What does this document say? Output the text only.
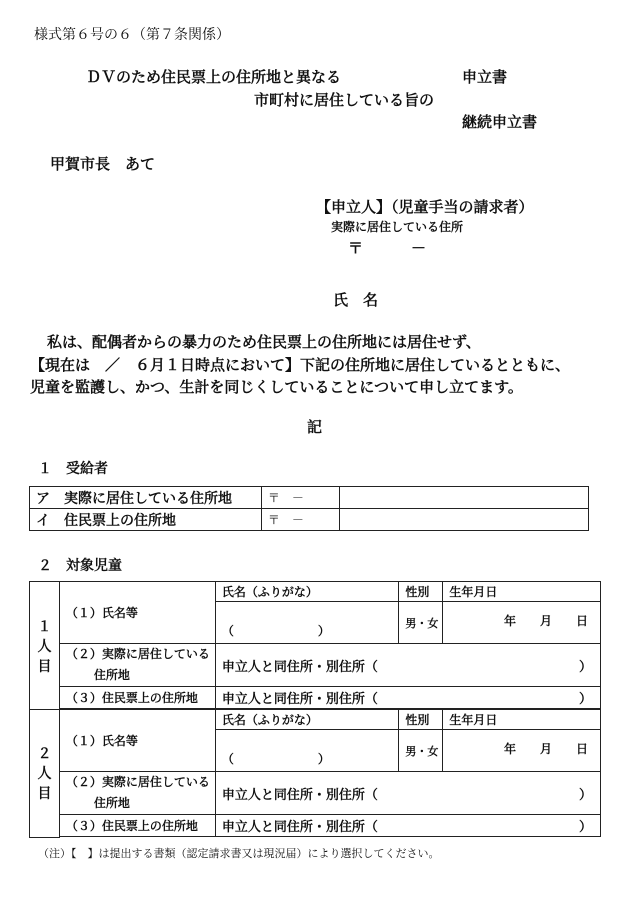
様式第６号の６（第７条関係）
ＤＶのため住民票上の住所地と異なる	申立書
市町村に居住している旨の
継続申立書
甲賀市長　あて
【申立人】（児童手当の請求者）
実際に居住している住所
〒	－
氏　名
私は、配偶者からの暴力のため住民票上の住所地には居住せず、
【現在は　／　６月１日時点において】下記の住所地に居住しているとともに、
児童を監護し、かつ、生計を同じくしていることについて申し立てます。
記
１　受給者
ア　実際に居住している住所地	〒　－	
イ　住民票上の住所地	〒　－	
２　対象児童
１
人
目	（１）氏名等	氏名（ふりがな）	性別	生年月日
		（　　　　　　　）	男・女	年　　月　　日
	（２）実際に居住している
住所地	申立人と同住所・別住所（ ）		

	（３）住民票上の住所地	申立人と同住所・別住所（ ）		

２
人
目	（１）氏名等	氏名（ふりがな）	性別	生年月日
		（　　　　　　　）	男・女	年　　月　　日
	（２）実際に居住している
住所地	申立人と同住所・別住所（ ）		

	（３）住民票上の住所地	申立人と同住所・別住所（ ）		

（注）【　】は提出する書類（認定請求書又は現況届）により選択してください。
